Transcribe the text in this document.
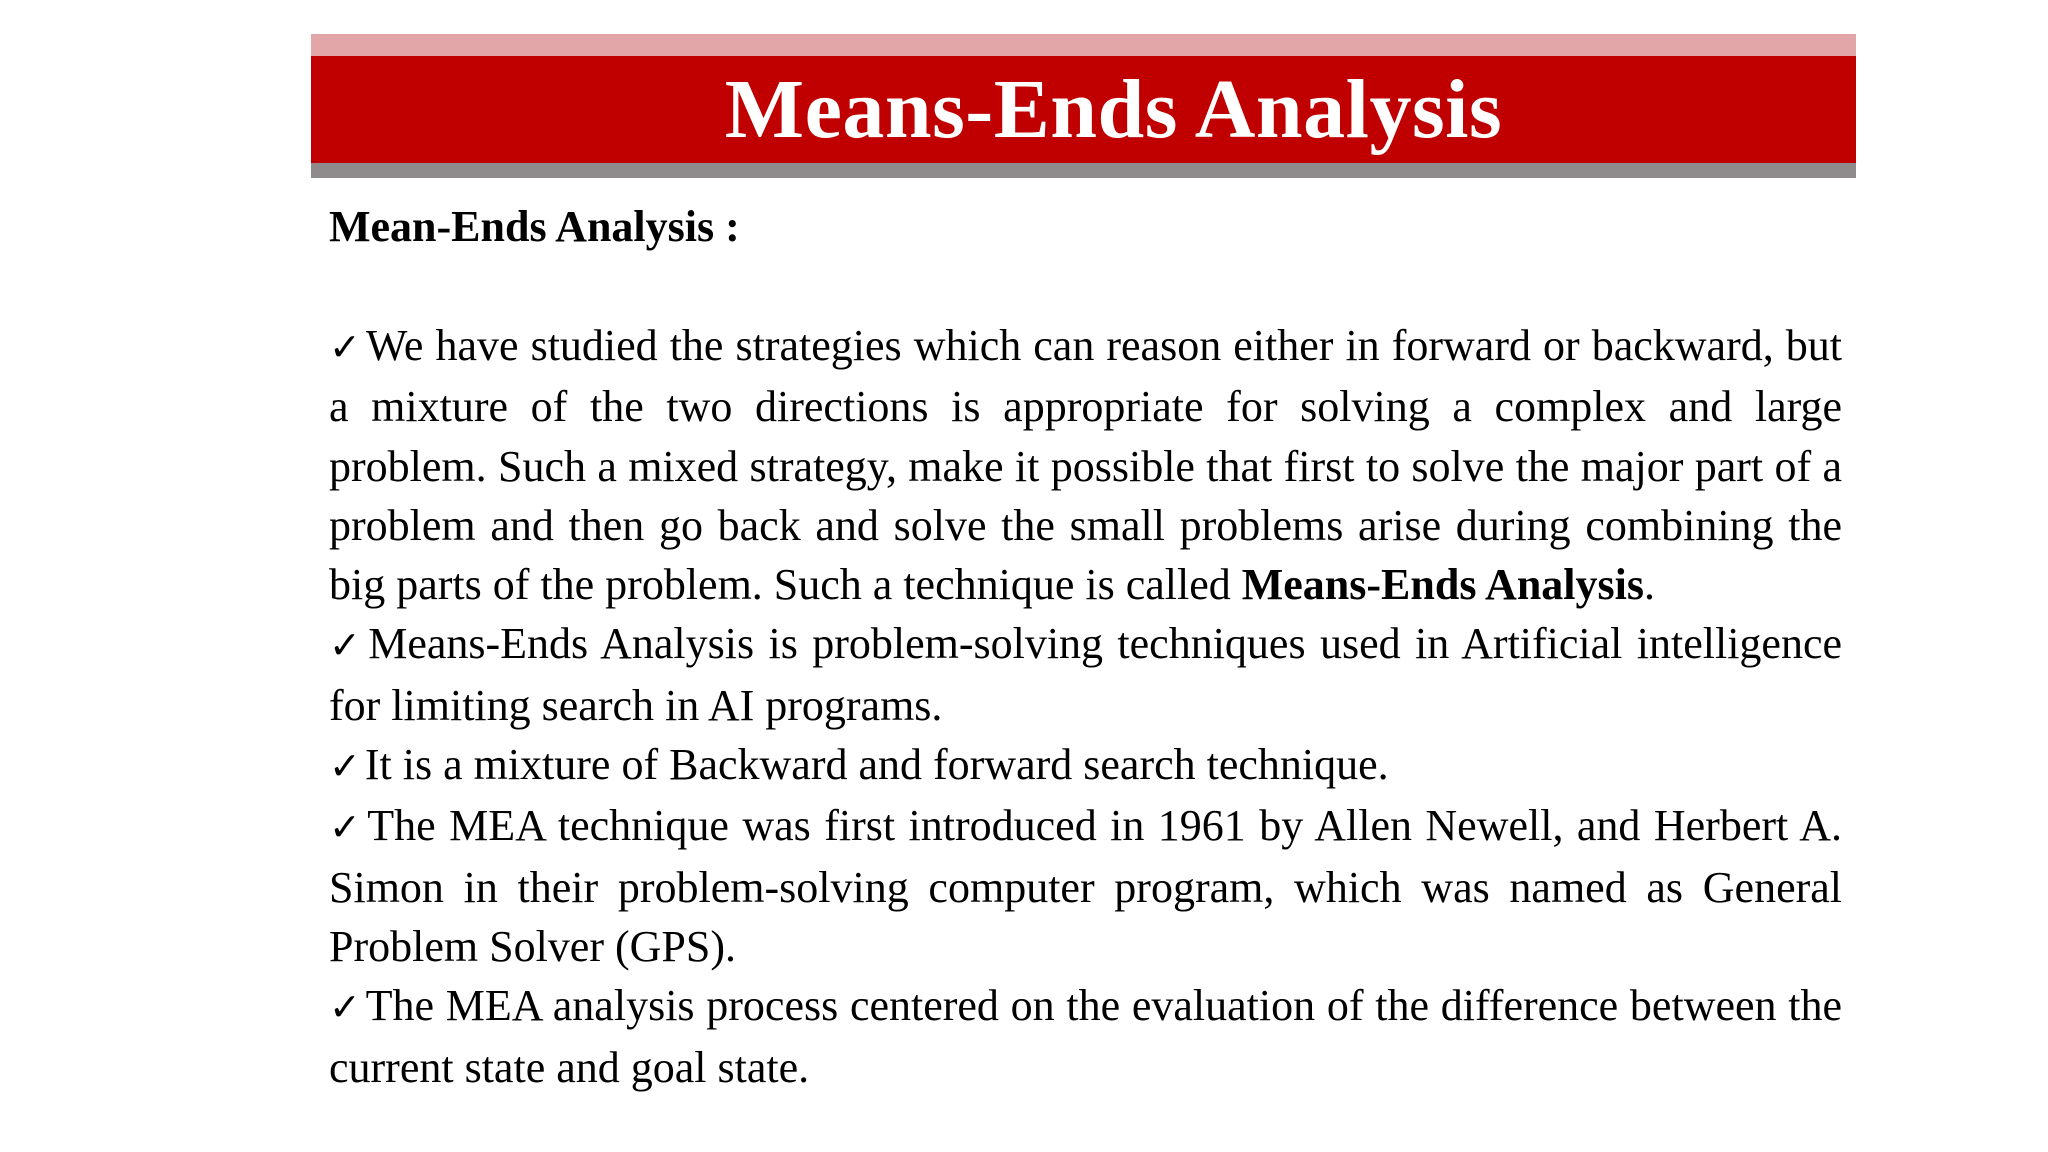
Means-Ends Analysis
Mean-Ends Analysis :

✓We have studied the strategies which can reason either in forward or backward, but a mixture of the two directions is appropriate for solving a complex and large problem. Such a mixed strategy, make it possible that first to solve the major part of a problem and then go back and solve the small problems arise during combining the big parts of the problem. Such a technique is called Means-Ends Analysis.

✓Means-Ends Analysis is problem-solving techniques used in Artificial intelligence for limiting search in AI programs.

✓It is a mixture of Backward and forward search technique.

✓The MEA technique was first introduced in 1961 by Allen Newell, and Herbert A. Simon in their problem-solving computer program, which was named as General Problem Solver (GPS).

✓The MEA analysis process centered on the evaluation of the difference between the current state and goal state.
